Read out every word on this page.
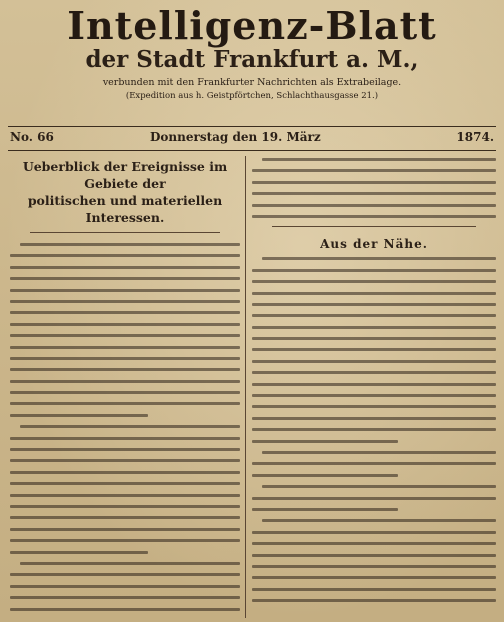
Intelligenz-Blatt
der Stadt Frankfurt a. M.,
verbunden mit den Frankfurter Nachrichten als Extrabeilage.
(Expedition aus h. Geistpförtchen, Schlachthausgasse 21.)
No. 66	Donnerstag den 19. März	1874.
Ueberblick der Ereignisse im Gebiete der
politischen und materiellen Interessen.
Aus der Nähe.
